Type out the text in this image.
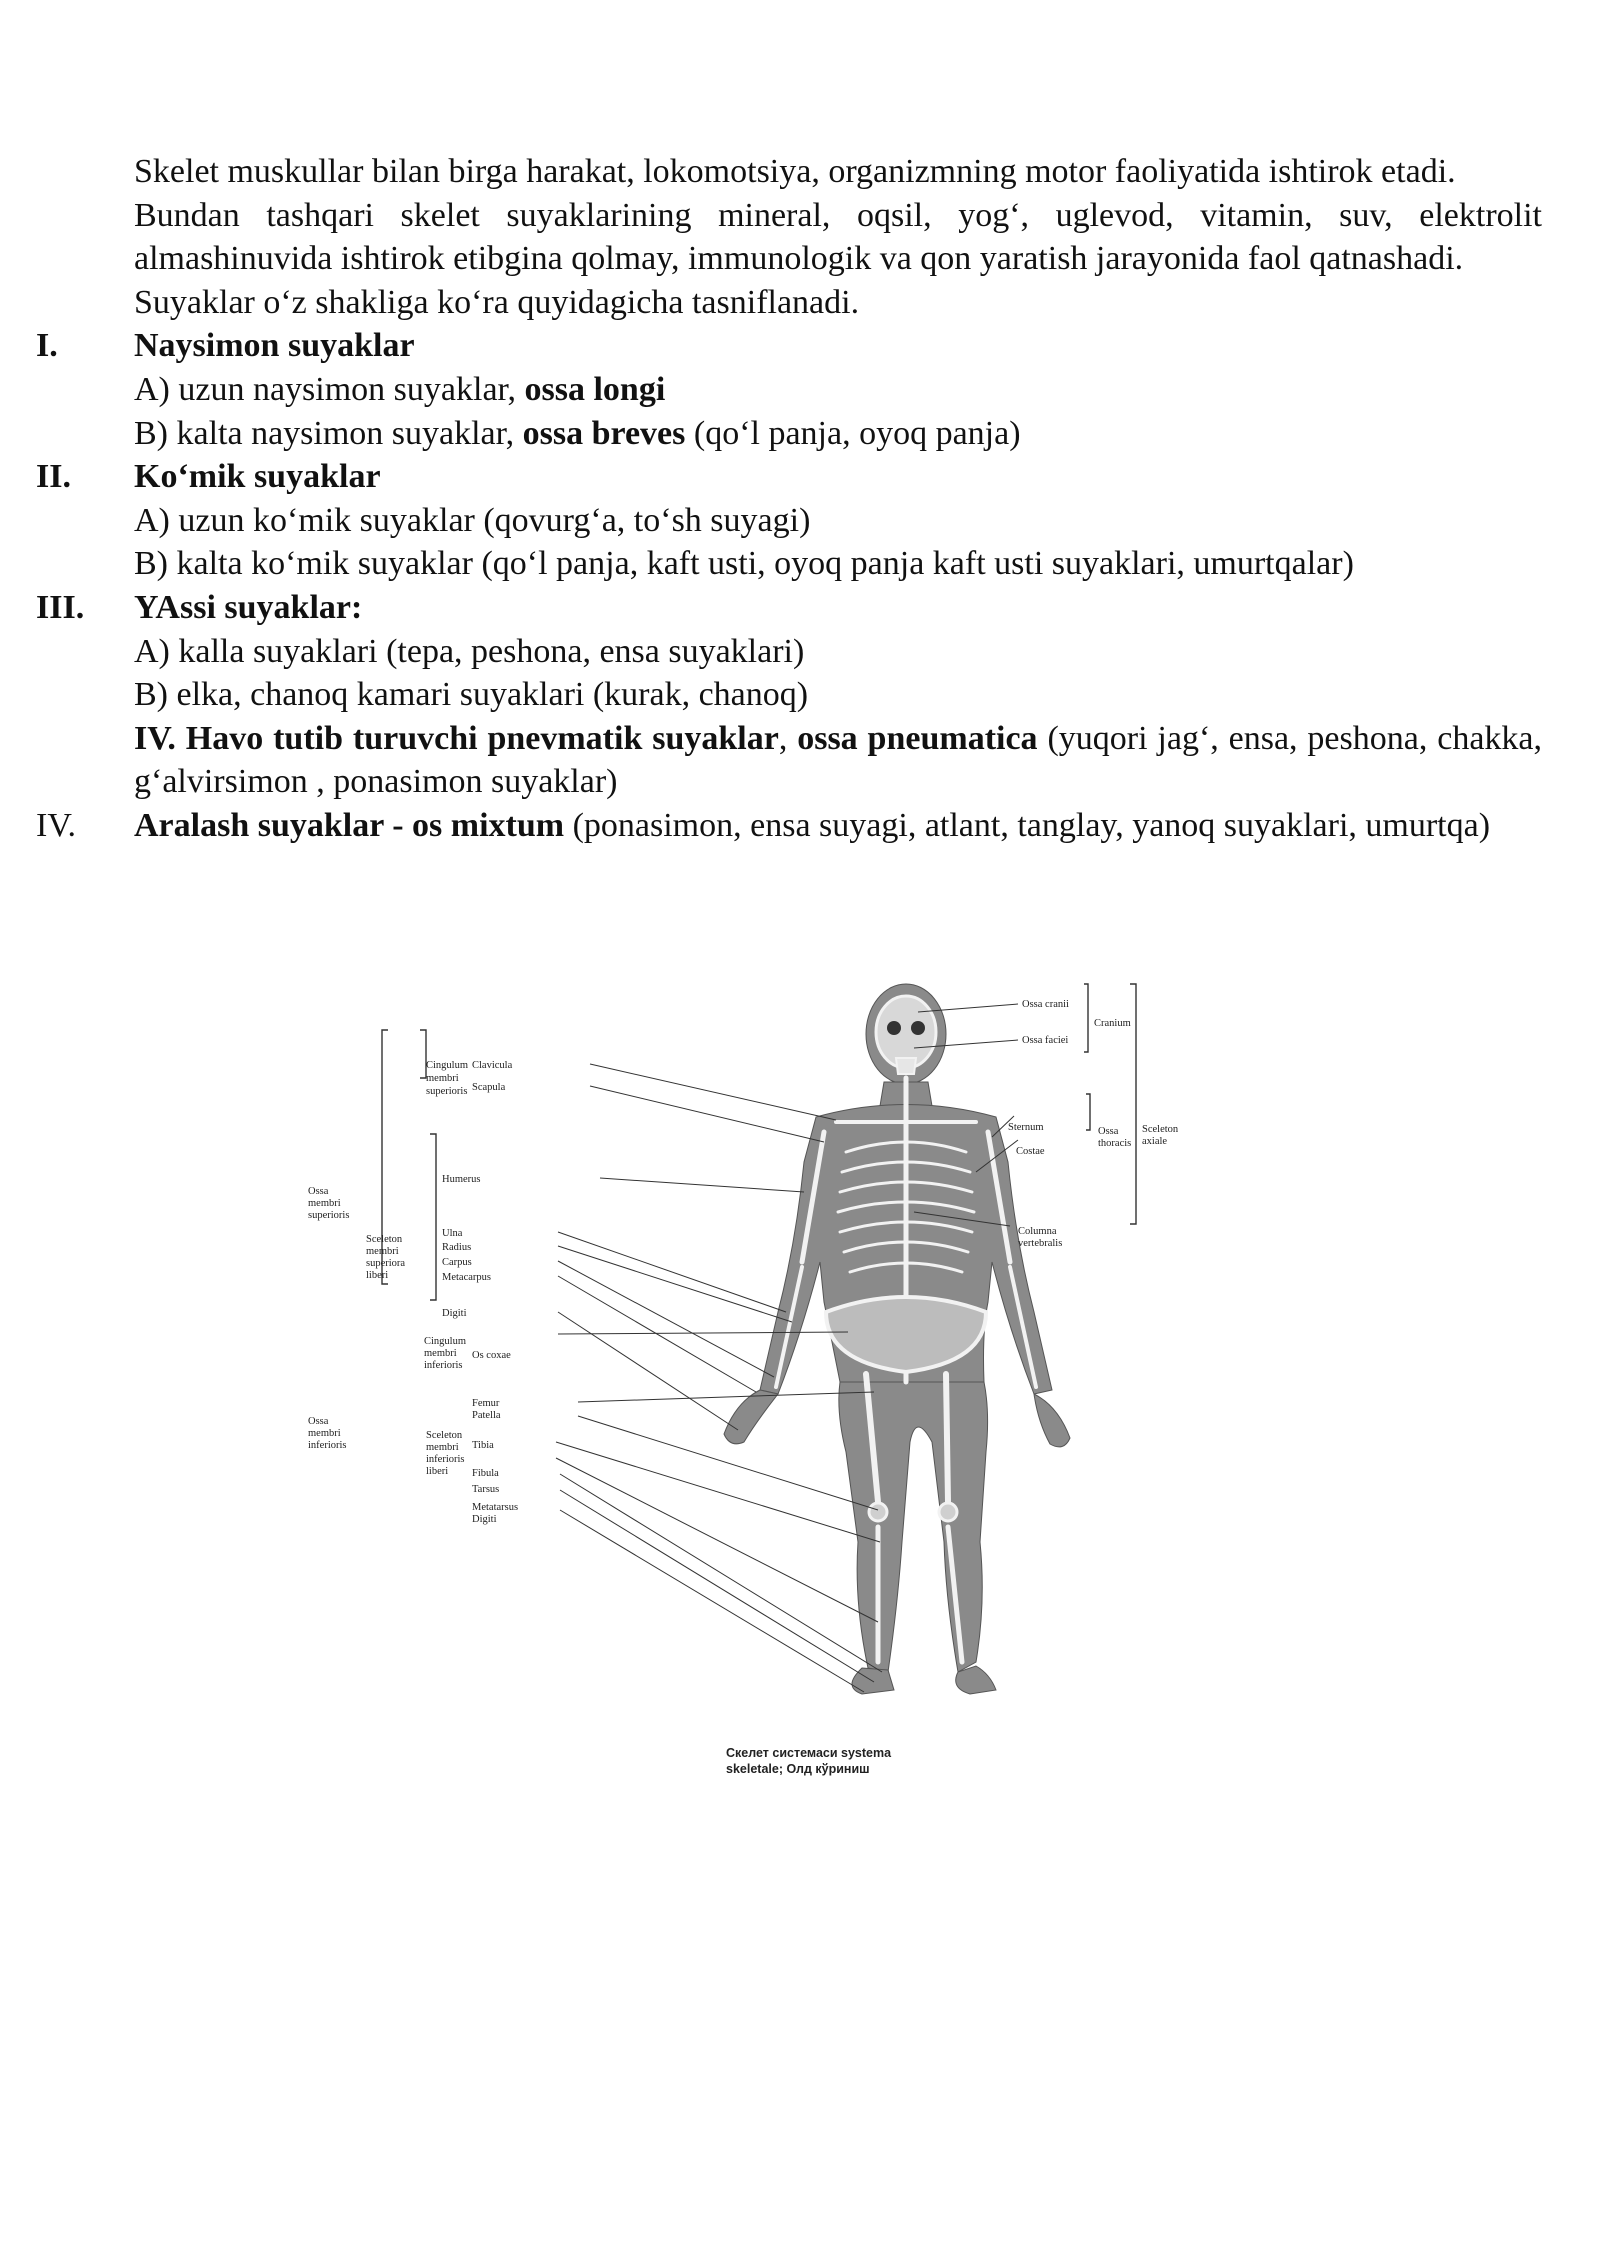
Skelet muskullar bilan birga harakat, lokomotsiya, organizmning motor faoliyatida ishtirok etadi.

Bundan tashqari skelet suyaklarining mineral, oqsil, yog‘, uglevod, vitamin, suv, elektrolit almashinuvida ishtirok etibgina qolmay, immunologik va qon yaratish jarayonida faol qatnashadi.

Suyaklar o‘z shakliga ko‘ra quyidagicha tasniflanadi.

I.	Naysimon suyaklar
A) uzun naysimon suyaklar, ossa longi
B) kalta naysimon suyaklar, ossa breves (qo‘l panja, oyoq panja)
II.	Ko‘mik suyaklar
A) uzun ko‘mik suyaklar (qovurg‘a, to‘sh suyagi)
B) kalta ko‘mik suyaklar (qo‘l panja, kaft usti, oyoq panja kaft usti suyaklari, umurtqalar)
III.	YAssi suyaklar:
A) kalla suyaklari (tepa, peshona, ensa suyaklari)
B) elka, chanoq kamari suyaklari (kurak, chanoq)
IV. Havo tutib turuvchi pnevmatik suyaklar, ossa pneumatica (yuqori jag‘, ensa, peshona, chakka, g‘alvirsimon , ponasimon suyaklar)
IV.	Aralash suyaklar - os mixtum (ponasimon, ensa suyagi, atlant, tanglay, yanoq suyaklari, umurtqa)
Ossa cranii
Ossa faciei
Cranium
Cingulum
membri
superioris
Clavicula
Scapula
Sternum
Costae
Ossa
thoracis
Sceleton
axiale
Humerus
Ossa
membri
superioris
Sceleton
membri
superiora
liberi
Ulna
Radius
Carpus
Metacarpus
Digiti
Columna
vertebralis
Cingulum
membri
inferioris
Os coxae
Ossa
membri
inferioris
Femur
Patella
Sceleton
membri
inferioris
liberi
Tibia
Fibula
Tarsus
Metatarsus
Digiti
Скелет системаси systema
skeletale; Олд кўриниш
